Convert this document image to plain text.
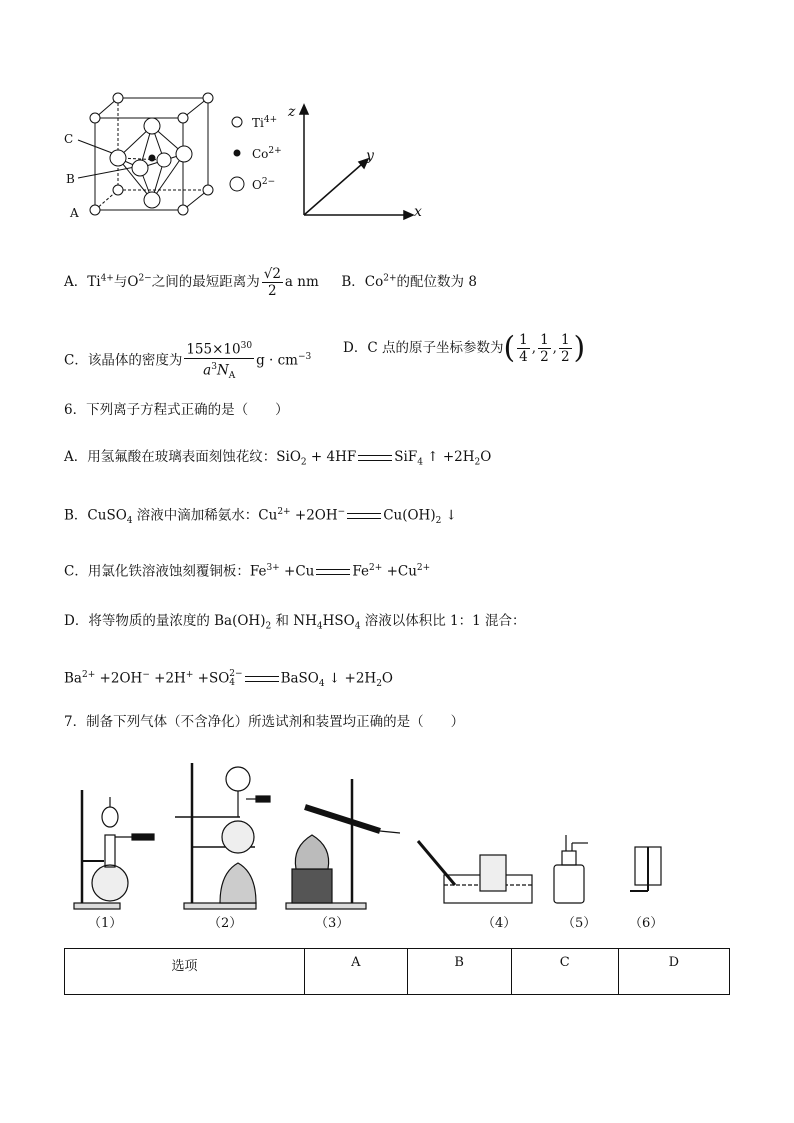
C
B
A
$Ti^{4+}$
$Co^{2+}$
$O^{2-}$
z
y
x
A．$Ti^{4+}$与$O^{2-}$之间的最短距离为 $\frac{√2}{2}$ a nm B．$Co^{2+}$的配位数为 8
C．该晶体的密度为 $\frac{155\times 10^{30}}{a^3N_A}$ $g \cdot cm^{-3}$
D．C 点的原子坐标参数为( $\frac{1}{4}$ , $\frac{1}{2}$ , $\frac{1}{2}$ )
6．下列离子方程式正确的是（　　）
A．用氢氟酸在玻璃表面刻蚀花纹：SiO$_2$ + 4HF	SiF$_4$ ↑ $+2H_2O$
B．CuSO$_4$ 溶液中滴加稀氨水：$Cu^{2+} +2OH^-$	$Cu(OH)_2$ ↓
C．用氯化铁溶液蚀刻覆铜板：$Fe^{3+} +Cu$	$Fe^{2+} +Cu^{2+}$
D．将等物质的量浓度的 $Ba(OH)_2$ 和 $NH_4HSO_4$ 溶液以体积比 1：1 混合：
$Ba^{2+} +2OH^- +2H^+ +SO$ 2−
4	BaSO$_4$ ↓ $+2H_2O$
7．制备下列气体（不含净化）所选试剂和装置均正确的是（　　）
（1）	（2）	（3）	（4）	（5）	（6）
选项	A	B	C	D
